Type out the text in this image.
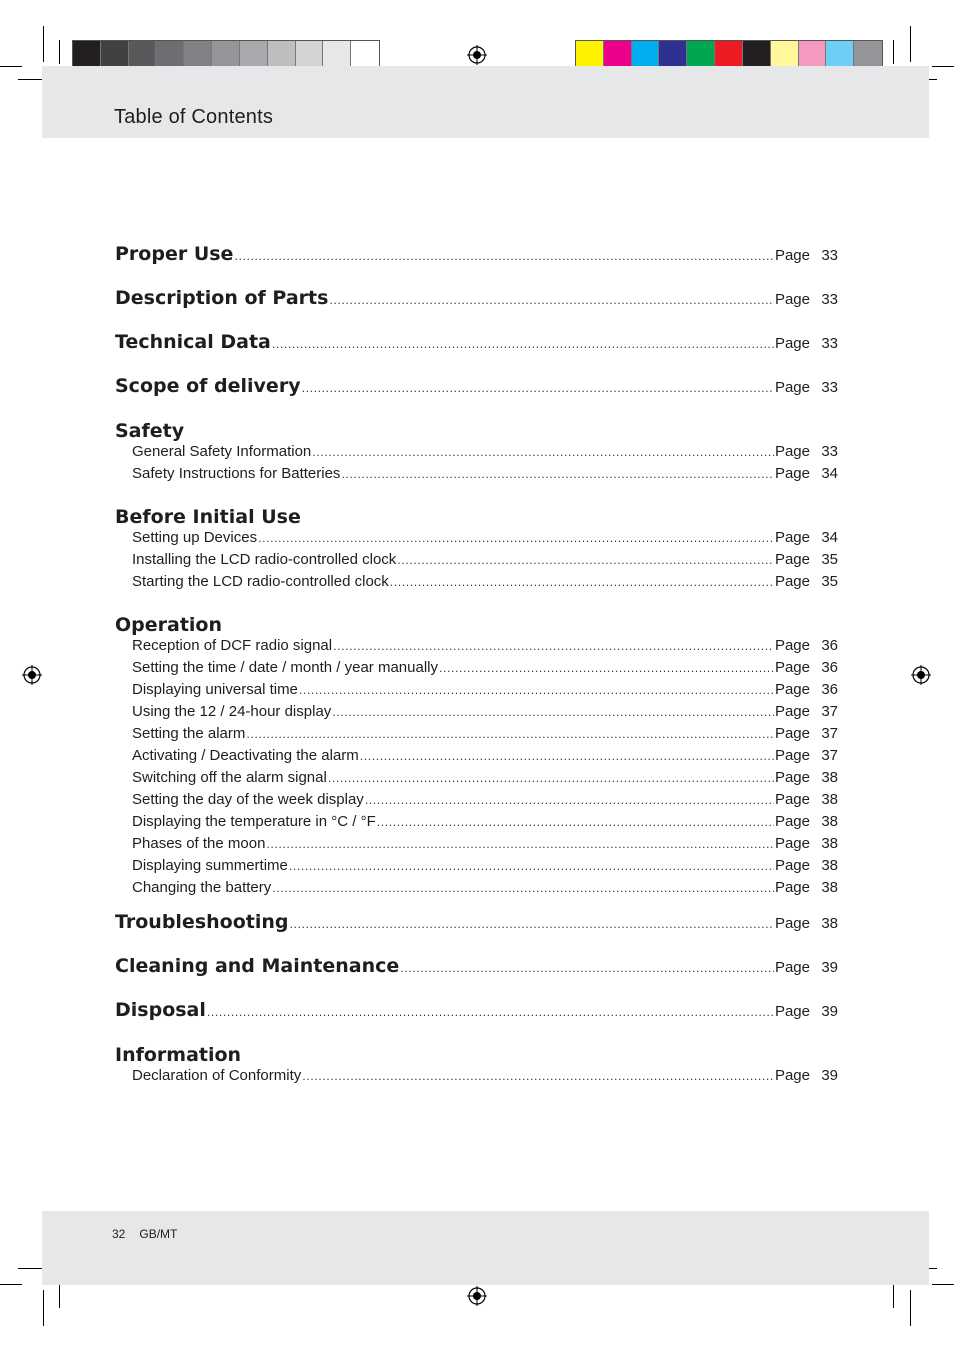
Table of Contents
Proper Use .....	Page 33
Description of Parts .....	Page 33
Technical Data .....	Page 33
Scope of delivery .....	Page 33
Safety
General Safety Information .....	Page 33
Safety Instructions for Batteries .....	Page 34
Before Initial Use
Setting up Devices .....	Page 34
Installing the LCD radio-controlled clock .....	Page 35
Starting the LCD radio-controlled clock .....	Page 35
Operation
Reception of DCF radio signal .....	Page 36
Setting the time / date / month / year manually .....	Page 36
Displaying universal time .....	Page 36
Using the 12 / 24-hour display .....	Page 37
Setting the alarm .....	Page 37
Activating / Deactivating the alarm .....	Page 37
Switching off the alarm signal .....	Page 38
Setting the day of the week display .....	Page 38
Displaying the temperature in °C / °F .....	Page 38
Phases of the moon .....	Page 38
Displaying summertime .....	Page 38
Changing the battery .....	Page 38
Troubleshooting .....	Page 38
Cleaning and Maintenance .....	Page 39
Disposal .....	Page 39
Information
Declaration of Conformity .....	Page 39
32 GB/MT
